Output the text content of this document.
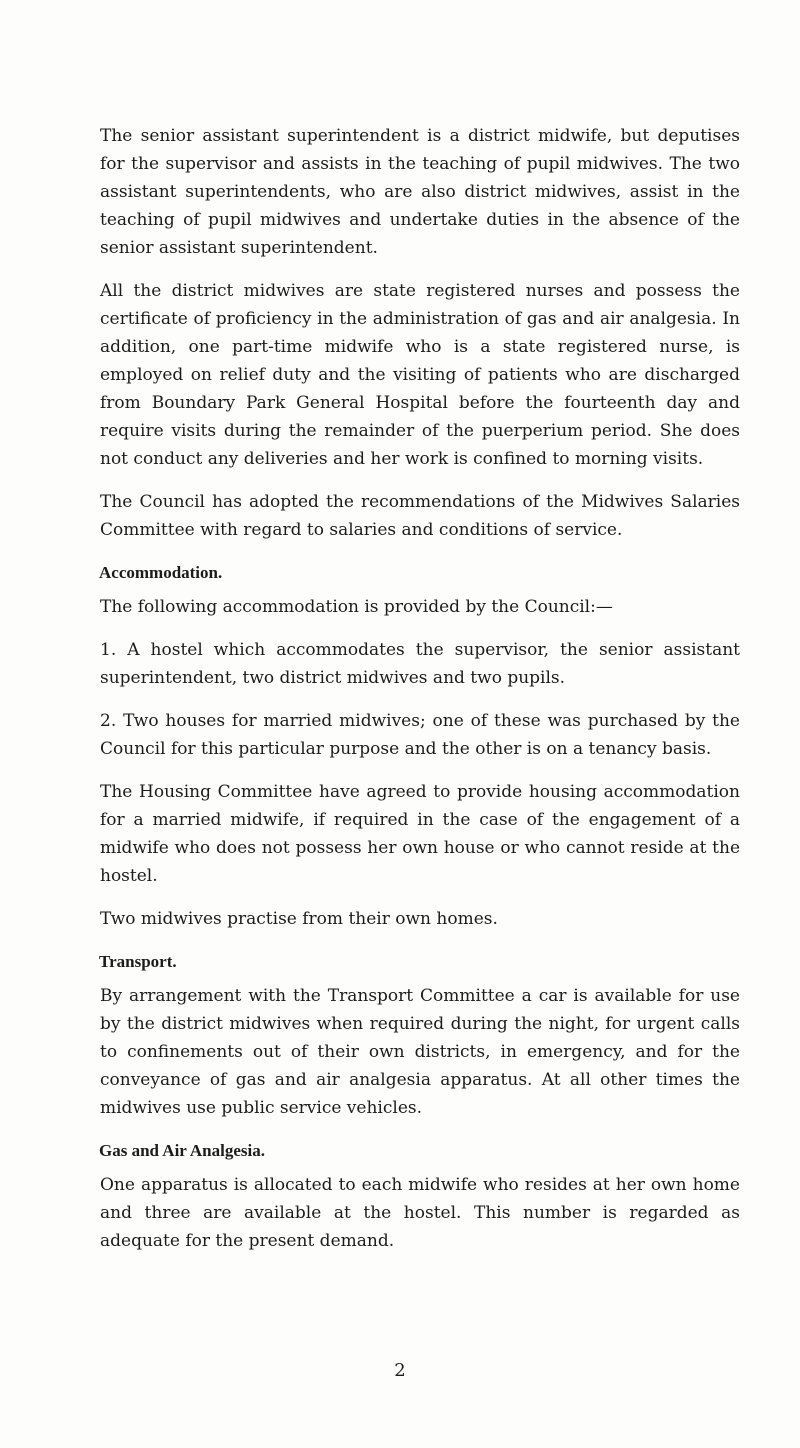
The senior assistant superintendent is a district midwife, but deputises for the supervisor and assists in the teaching of pupil midwives. The two assistant superintendents, who are also district midwives, assist in the teaching of pupil midwives and undertake duties in the absence of the senior assistant superintendent.

All the district midwives are state registered nurses and possess the certificate of proficiency in the administration of gas and air analgesia. In addition, one part-time midwife who is a state registered nurse, is employed on relief duty and the visiting of patients who are discharged from Boundary Park General Hospital before the fourteenth day and require visits during the remainder of the puerperium period. She does not conduct any deliveries and her work is confined to morning visits.

The Council has adopted the recommendations of the Midwives Salaries Committee with regard to salaries and conditions of service.

Accommodation.

The following accommodation is provided by the Council:—

1. A hostel which accommodates the supervisor, the senior assistant superintendent, two district midwives and two pupils.

2. Two houses for married midwives; one of these was purchased by the Council for this particular purpose and the other is on a tenancy basis.

The Housing Committee have agreed to provide housing accommodation for a married midwife, if required in the case of the engagement of a midwife who does not possess her own house or who cannot reside at the hostel.

Two midwives practise from their own homes.

Transport.

By arrangement with the Transport Committee a car is available for use by the district midwives when required during the night, for urgent calls to confinements out of their own districts, in emergency, and for the conveyance of gas and air analgesia apparatus. At all other times the midwives use public service vehicles.

Gas and Air Analgesia.

One apparatus is allocated to each midwife who resides at her own home and three are available at the hostel. This number is regarded as adequate for the present demand.

2
